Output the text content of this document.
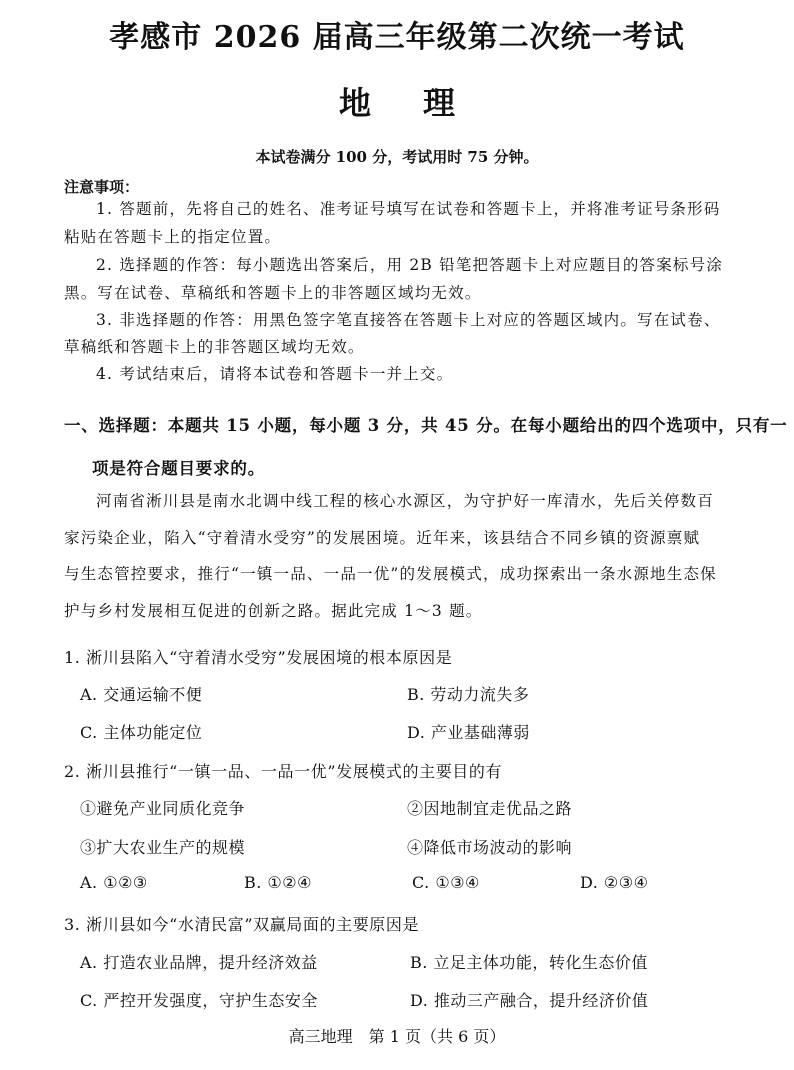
孝感市 2026 届高三年级第二次统一考试
地理
本试卷满分 100 分，考试用时 75 分钟。
注意事项：
1. 答题前，先将自己的姓名、准考证号填写在试卷和答题卡上，并将准考证号条形码
粘贴在答题卡上的指定位置。
2. 选择题的作答：每小题选出答案后，用 2B 铅笔把答题卡上对应题目的答案标号涂
黑。写在试卷、草稿纸和答题卡上的非答题区域均无效。
3. 非选择题的作答：用黑色签字笔直接答在答题卡上对应的答题区域内。写在试卷、
草稿纸和答题卡上的非答题区域均无效。
4. 考试结束后，请将本试卷和答题卡一并上交。
一、选择题：本题共 15 小题，每小题 3 分，共 45 分。在每小题给出的四个选项中，只有一
项是符合题目要求的。
河南省淅川县是南水北调中线工程的核心水源区，为守护好一库清水，先后关停数百
家污染企业，陷入“守着清水受穷”的发展困境。近年来，该县结合不同乡镇的资源禀赋
与生态管控要求，推行“一镇一品、一品一优”的发展模式，成功探索出一条水源地生态保
护与乡村发展相互促进的创新之路。据此完成 1～3 题。
1. 淅川县陷入“守着清水受穷”发展困境的根本原因是
A. 交通运输不便	B. 劳动力流失多
C. 主体功能定位	D. 产业基础薄弱
2. 淅川县推行“一镇一品、一品一优”发展模式的主要目的有
①避免产业同质化竞争	②因地制宜走优品之路
③扩大农业生产的规模	④降低市场波动的影响
A. ①②③	B. ①②④	C. ①③④	D. ②③④
3. 淅川县如今“水清民富”双赢局面的主要原因是
A. 打造农业品牌，提升经济效益	B. 立足主体功能，转化生态价值
C. 严控开发强度，守护生态安全	D. 推动三产融合，提升经济价值
高三地理　第 1 页（共 6 页）
